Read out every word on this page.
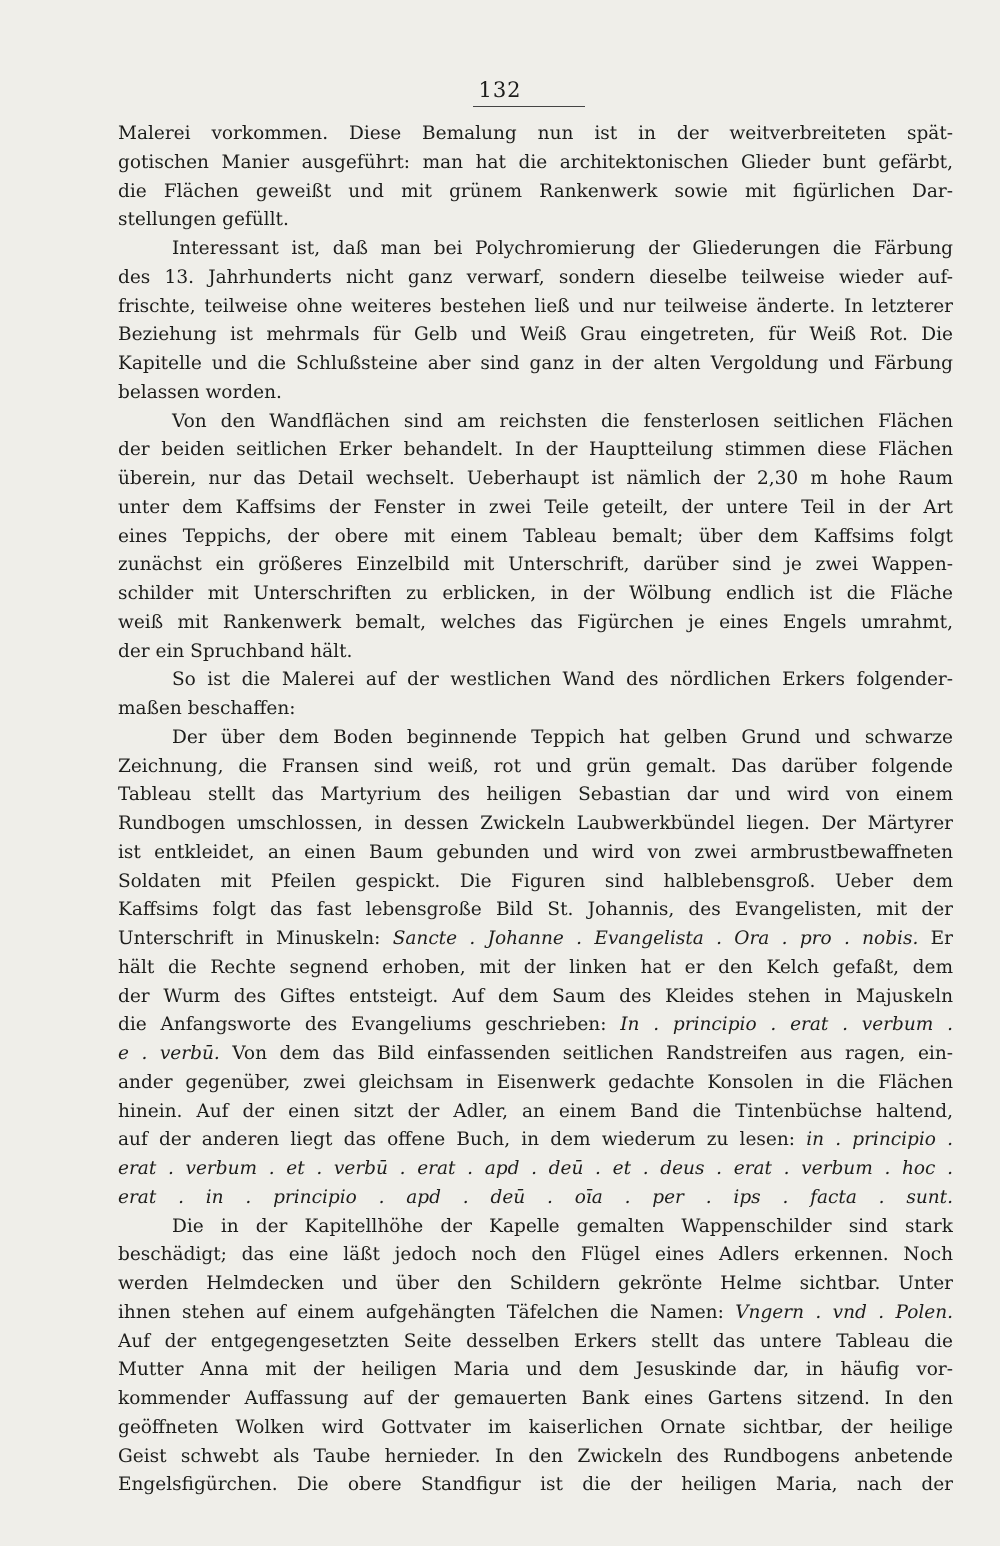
132
Malerei vorkommen. Diese Bemalung nun ist in der weitverbreiteten spät-
gotischen Manier ausgeführt: man hat die architektonischen Glieder bunt gefärbt,
die Flächen geweißt und mit grünem Rankenwerk sowie mit figürlichen Dar-
stellungen gefüllt.
Interessant ist, daß man bei Polychromierung der Gliederungen die Färbung
des 13. Jahrhunderts nicht ganz verwarf, sondern dieselbe teilweise wieder auf-
frischte, teilweise ohne weiteres bestehen ließ und nur teilweise änderte. In letzterer
Beziehung ist mehrmals für Gelb und Weiß Grau eingetreten, für Weiß Rot. Die
Kapitelle und die Schlußsteine aber sind ganz in der alten Vergoldung und Färbung
belassen worden.
Von den Wandflächen sind am reichsten die fensterlosen seitlichen Flächen
der beiden seitlichen Erker behandelt. In der Hauptteilung stimmen diese Flächen
überein, nur das Detail wechselt. Ueberhaupt ist nämlich der 2,30 m hohe Raum
unter dem Kaffsims der Fenster in zwei Teile geteilt, der untere Teil in der Art
eines Teppichs, der obere mit einem Tableau bemalt; über dem Kaffsims folgt
zunächst ein größeres Einzelbild mit Unterschrift, darüber sind je zwei Wappen-
schilder mit Unterschriften zu erblicken, in der Wölbung endlich ist die Fläche
weiß mit Rankenwerk bemalt, welches das Figürchen je eines Engels umrahmt,
der ein Spruchband hält.
So ist die Malerei auf der westlichen Wand des nördlichen Erkers folgender-
maßen beschaffen:
Der über dem Boden beginnende Teppich hat gelben Grund und schwarze
Zeichnung, die Fransen sind weiß, rot und grün gemalt. Das darüber folgende
Tableau stellt das Martyrium des heiligen Sebastian dar und wird von einem
Rundbogen umschlossen, in dessen Zwickeln Laubwerkbündel liegen. Der Märtyrer
ist entkleidet, an einen Baum gebunden und wird von zwei armbrustbewaffneten
Soldaten mit Pfeilen gespickt. Die Figuren sind halblebensgroß. Ueber dem
Kaffsims folgt das fast lebensgroße Bild St. Johannis, des Evangelisten, mit der
Unterschrift in Minuskeln: Sancte . Johanne . Evangelista . Ora . pro . nobis. Er
hält die Rechte segnend erhoben, mit der linken hat er den Kelch gefaßt, dem
der Wurm des Giftes entsteigt. Auf dem Saum des Kleides stehen in Majuskeln
die Anfangsworte des Evangeliums geschrieben: In . principio . erat . verbum .
e . verbū. Von dem das Bild einfassenden seitlichen Randstreifen aus ragen, ein-
ander gegenüber, zwei gleichsam in Eisenwerk gedachte Konsolen in die Flächen
hinein. Auf der einen sitzt der Adler, an einem Band die Tintenbüchse haltend,
auf der anderen liegt das offene Buch, in dem wiederum zu lesen: in . principio .
erat . verbum . et . verbū . erat . apd . deū . et . deus . erat . verbum . hoc .
erat . in . principio . apd . deū . oīa . per . ips . facta . sunt.
Die in der Kapitellhöhe der Kapelle gemalten Wappenschilder sind stark
beschädigt; das eine läßt jedoch noch den Flügel eines Adlers erkennen. Noch
werden Helmdecken und über den Schildern gekrönte Helme sichtbar. Unter
ihnen stehen auf einem aufgehängten Täfelchen die Namen: Vngern . vnd . Polen.
Auf der entgegengesetzten Seite desselben Erkers stellt das untere Tableau die
Mutter Anna mit der heiligen Maria und dem Jesuskinde dar, in häufig vor-
kommender Auffassung auf der gemauerten Bank eines Gartens sitzend. In den
geöffneten Wolken wird Gottvater im kaiserlichen Ornate sichtbar, der heilige
Geist schwebt als Taube hernieder. In den Zwickeln des Rundbogens anbetende
Engelsfigürchen. Die obere Standfigur ist die der heiligen Maria, nach der
